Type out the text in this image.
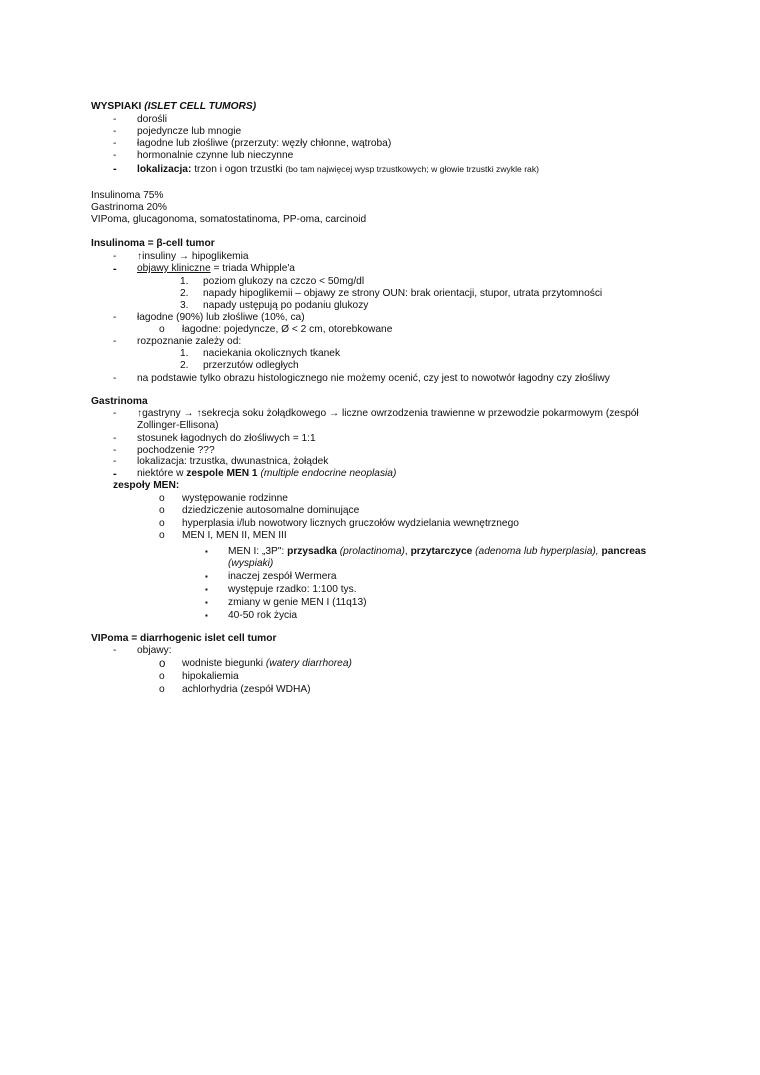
WYSPIAKI (ISLET CELL TUMORS)
- dorośli
- pojedyncze lub mnogie
- łagodne lub złośliwe (przerzuty: węzły chłonne, wątroba)
- hormonalnie czynne lub nieczynne
- lokalizacja: trzon i ogon trzustki (bo tam najwięcej wysp trzustkowych; w głowie trzustki zwykle rak)
Insulinoma 75%
Gastrinoma 20%
VIPoma, glucagonoma, somatostatinoma, PP-oma, carcinoid
Insulinoma = β-cell tumor
- ↑insuliny → hipoglikemia
- objawy kliniczne = triada Whipple'a
1. poziom glukozy na czczo < 50mg/dl
2. napady hipoglikemii – objawy ze strony OUN: brak orientacji, stupor, utrata przytomności
3. napady ustępują po podaniu glukozy
- łagodne (90%) lub złośliwe (10%, ca)
o łagodne: pojedyncze, Ø < 2 cm, otorebkowane
- rozpoznanie zależy od:
1. naciekania okolicznych tkanek
2. przerzutów odległych
- na podstawie tylko obrazu histologicznego nie możemy ocenić, czy jest to nowotwór łagodny czy złośliwy
Gastrinoma
- ↑gastryny → ↑sekrecja soku żołądkowego → liczne owrzodzenia trawienne w przewodzie pokarmowym (zespół
Zollinger-Ellisona)
- stosunek łagodnych do złośliwych = 1:1
- pochodzenie ???
- lokalizacja: trzustka, dwunastnica, żołądek
- niektóre w zespole MEN 1 (multiple endocrine neoplasia)
zespoły MEN:
o występowanie rodzinne
o dziedziczenie autosomalne dominujące
o hyperplasia i/lub nowotwory licznych gruczołów wydzielania wewnętrznego
o MEN I, MEN II, MEN III
▪ MEN I: „3P": przysadka (prolactinoma), przytarczyce (adenoma lub hyperplasia), pancreas
(wyspiaki)
▪ inaczej zespół Wermera
▪ występuje rzadko: 1:100 tys.
▪ zmiany w genie MEN I (11q13)
▪ 40-50 rok życia
VIPoma = diarrhogenic islet cell tumor
- objawy:
o wodniste biegunki (watery diarrhorea)
o hipokaliemia
o achlorhydria (zespół WDHA)
